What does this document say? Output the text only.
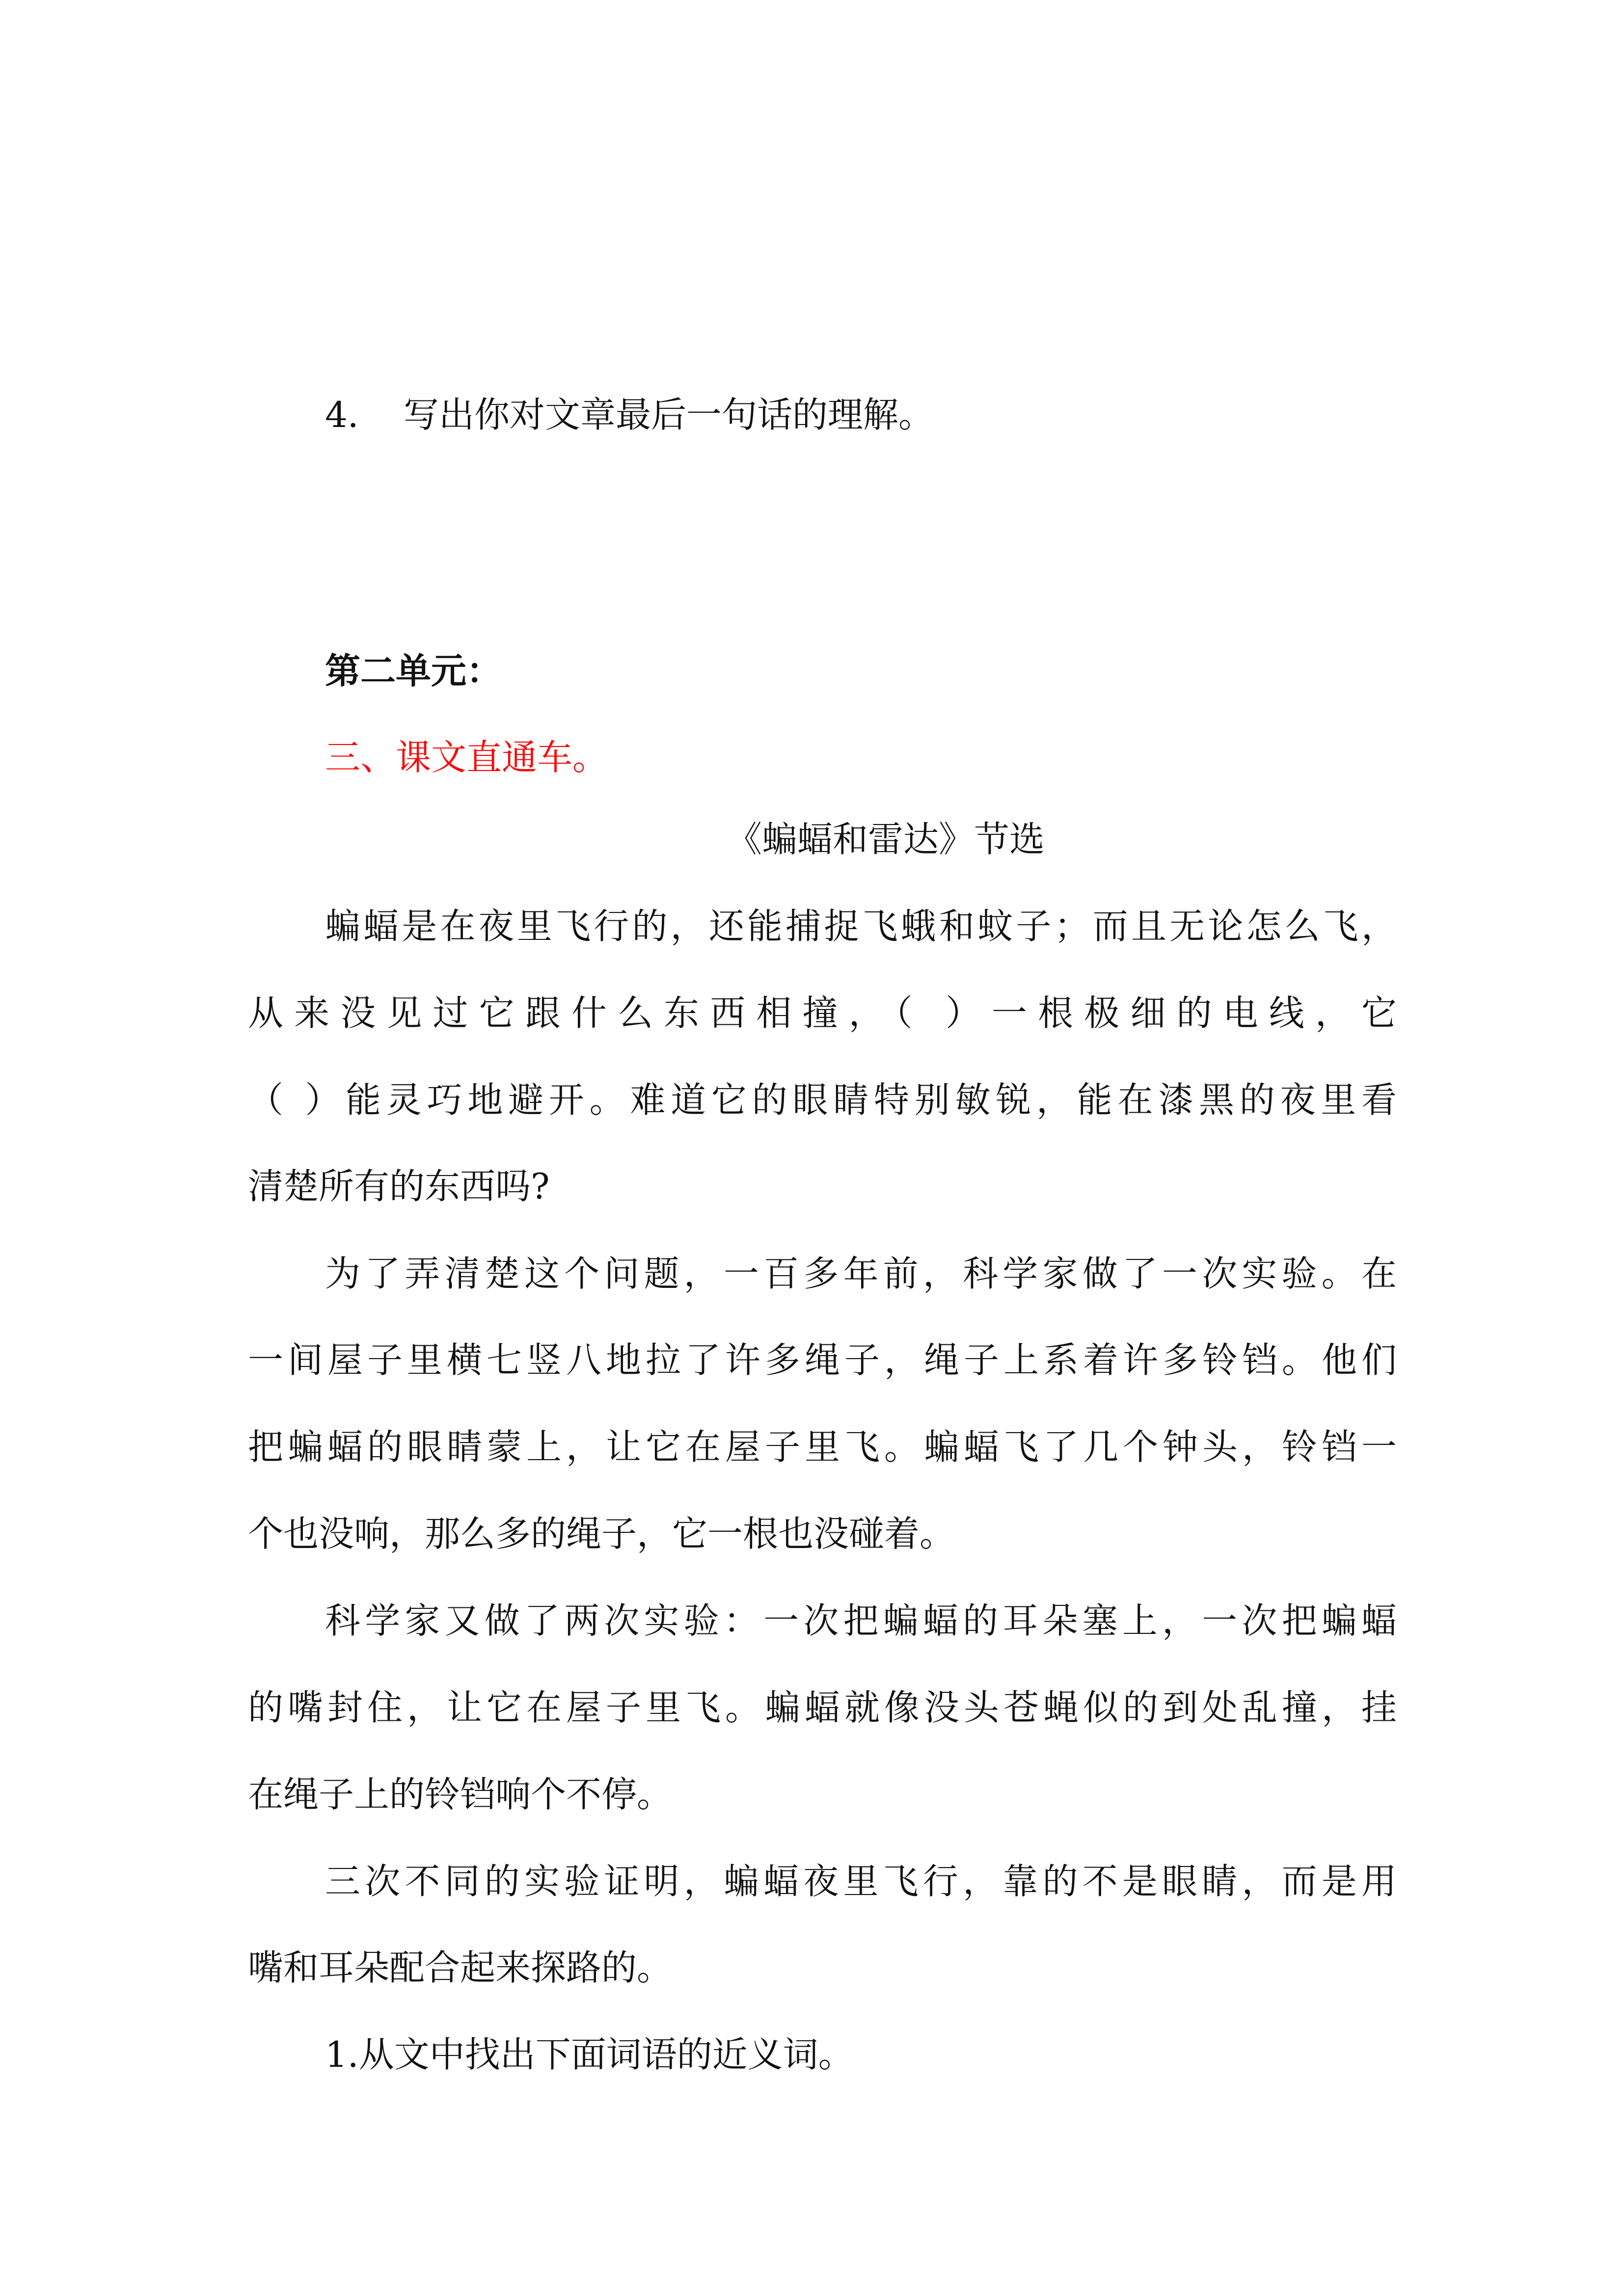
4. 写出你对文章最后一句话的理解。
第二单元：
三、课文直通车。
《蝙蝠和雷达》节选
蝙蝠是在夜里飞行的，还能捕捉飞蛾和蚊子；而且无论怎么飞，
从来没见过它跟什么东西相撞，（ ）一根极细的电线，它
（ ）能灵巧地避开。难道它的眼睛特别敏锐，能在漆黑的夜里看
清楚所有的东西吗?
为了弄清楚这个问题，一百多年前，科学家做了一次实验。在
一间屋子里横七竖八地拉了许多绳子，绳子上系着许多铃铛。他们
把蝙蝠的眼睛蒙上，让它在屋子里飞。蝙蝠飞了几个钟头，铃铛一
个也没响，那么多的绳子，它一根也没碰着。
科学家又做了两次实验：一次把蝙蝠的耳朵塞上，一次把蝙蝠
的嘴封住，让它在屋子里飞。蝙蝠就像没头苍蝇似的到处乱撞，挂
在绳子上的铃铛响个不停。
三次不同的实验证明，蝙蝠夜里飞行，靠的不是眼睛，而是用
嘴和耳朵配合起来探路的。
1.从文中找出下面词语的近义词。
